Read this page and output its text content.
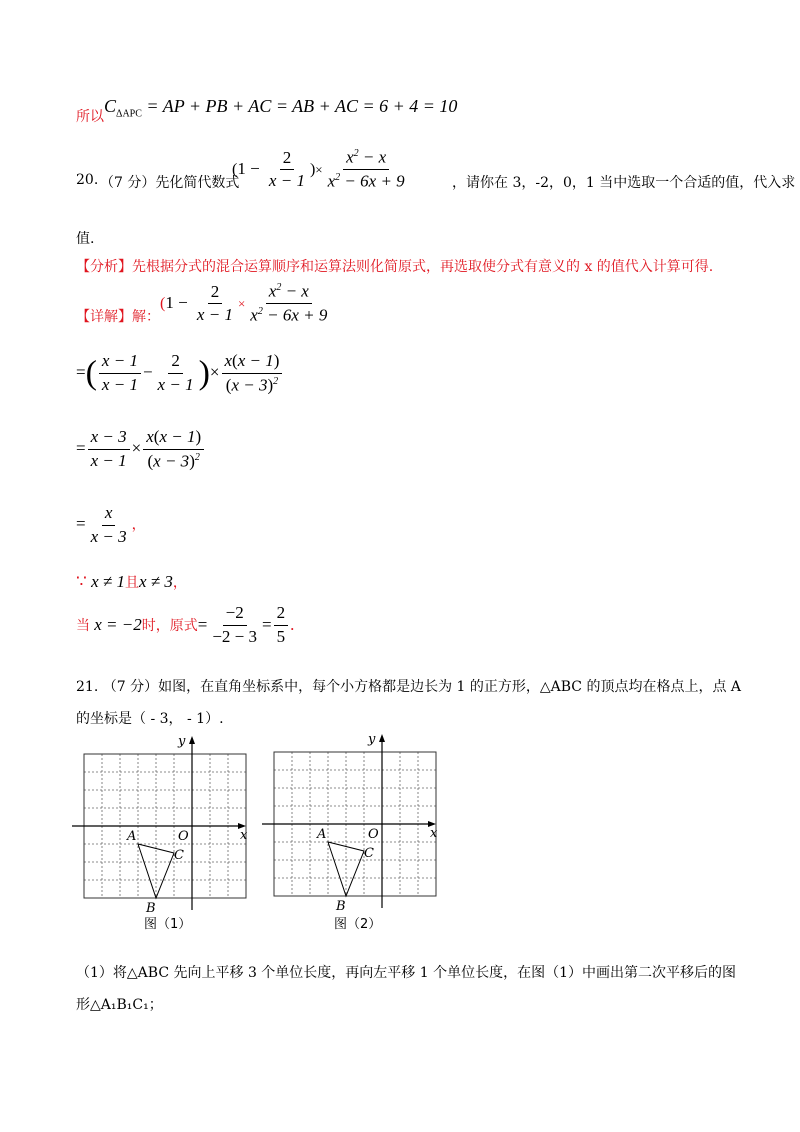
所以
$C_{\Delta APC}$ = AP + PB + AC = AB + AC = 6 + 4 = 10
20. （7 分）先化简代数式
($1 - \frac{2}{x - 1}$ )× $\frac{x^2 - x}{x^2 - 6x + 9}$	，请你在 3，-2，0，1 当中选取一个合适的值，代入求
值.
【分析】先根据分式的混合运算顺序和运算法则化简原式，再选取使分式有意义的 x 的值代入计算可得.
【详解】解：
($1 - \frac{2}{x - 1} \times \frac{x^2 - x}{x^2 - 6x + 9}$
=( $\frac{x - 1}{x - 1} - \frac{2}{x - 1}$ )× $\frac{x(x - 1)}{(x - 3)^2}$
= $\frac{x - 3}{x - 1} \times \frac{x(x - 1)}{(x - 3)^2}$
= $\frac{x}{x - 3}$ ，
∵ x ≠ 1且x ≠ 3，
当 x = −2时，原式= $\frac{-2}{-2 - 3} = \frac{2}{5}$ .
21. （7 分）如图，在直角坐标系中，每个小方格都是边长为 1 的正方形，△ABC 的顶点均在格点上，点 A
的坐标是（ - 3， - 1）.
y
x
O
A
B
C
图（1）
y
x
O
A
B
C
图（2）
（1）将△ABC 先向上平移 3 个单位长度，再向左平移 1 个单位长度，在图（1）中画出第二次平移后的图
形△A₁B₁C₁；
